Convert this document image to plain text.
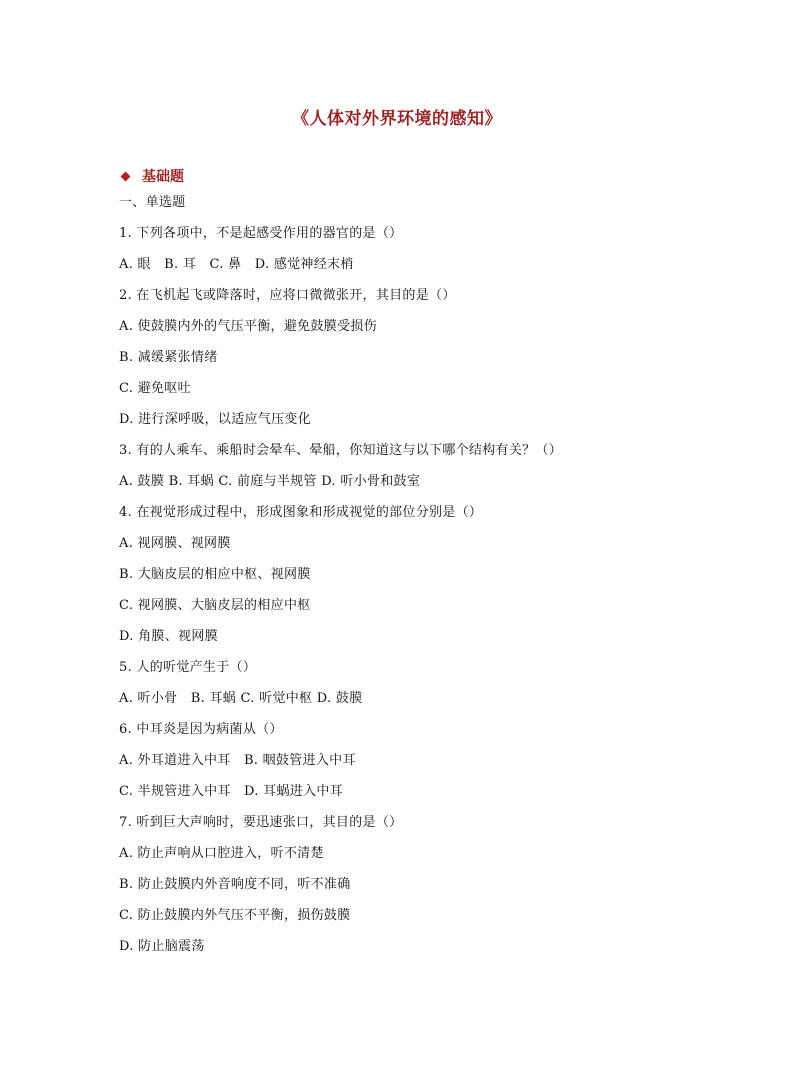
《人体对外界环境的感知》
基础题
一、单选题
1. 下列各项中，不是起感受作用的器官的是（）
A. 眼   B. 耳   C. 鼻   D. 感觉神经末梢
2. 在飞机起飞或降落时，应将口微微张开，其目的是（）
A. 使鼓膜内外的气压平衡，避免鼓膜受损伤
B. 减缓紧张情绪
C. 避免呕吐
D. 进行深呼吸，以适应气压变化
3. 有的人乘车、乘船时会晕车、晕船，你知道这与以下哪个结构有关？（）
A. 鼓膜 B. 耳蜗 C. 前庭与半规管 D. 听小骨和鼓室
4. 在视觉形成过程中，形成图象和形成视觉的部位分别是（）
A. 视网膜、视网膜
B. 大脑皮层的相应中枢、视网膜
C. 视网膜、大脑皮层的相应中枢
D. 角膜、视网膜
5. 人的听觉产生于（）
A. 听小骨   B. 耳蜗 C. 听觉中枢 D. 鼓膜
6. 中耳炎是因为病菌从（）
A. 外耳道进入中耳   B. 咽鼓管进入中耳
C. 半规管进入中耳   D. 耳蜗进入中耳
7. 听到巨大声响时，要迅速张口，其目的是（）
A. 防止声响从口腔进入，听不清楚
B. 防止鼓膜内外音响度不同，听不准确
C. 防止鼓膜内外气压不平衡，损伤鼓膜
D. 防止脑震荡
